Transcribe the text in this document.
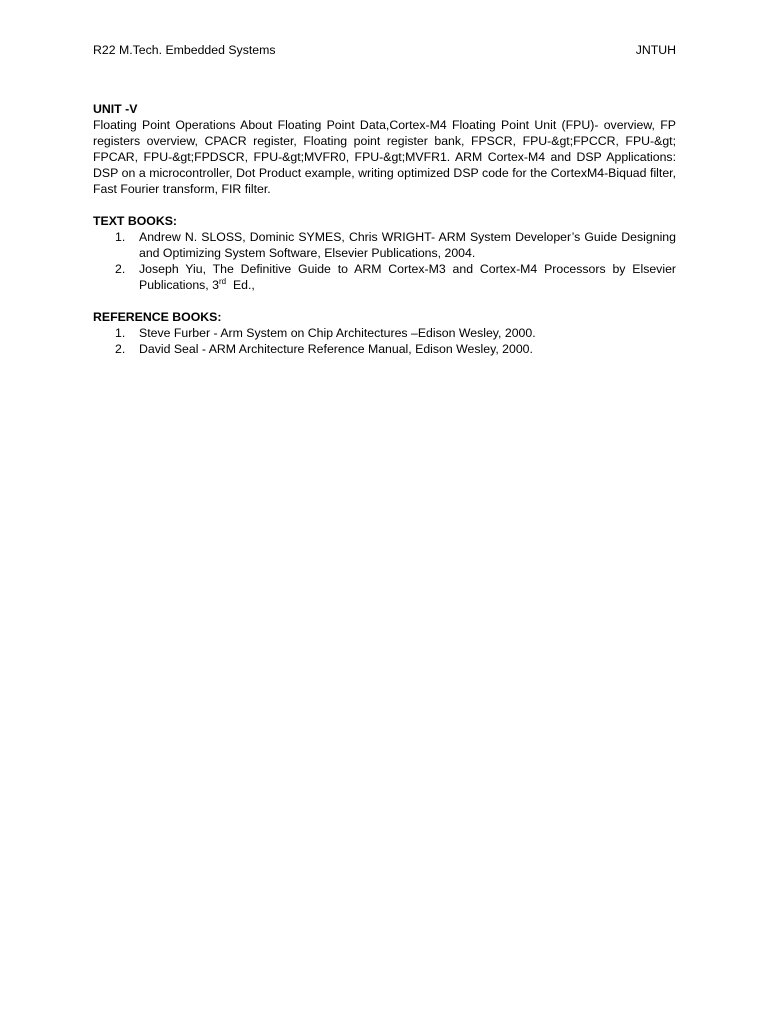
R22 M.Tech. Embedded Systems	JNTUH

UNIT -V

Floating Point Operations About Floating Point Data,Cortex-M4 Floating Point Unit (FPU)- overview, FP registers overview, CPACR register, Floating point register bank, FPSCR, FPU-&gt;FPCCR, FPU-&gt; FPCAR, FPU-&gt;FPDSCR, FPU-&gt;MVFR0, FPU-&gt;MVFR1. ARM Cortex-M4 and DSP Applications: DSP on a microcontroller, Dot Product example, writing optimized DSP code for the CortexM4-Biquad filter, Fast Fourier transform, FIR filter.

TEXT BOOKS:

1.	Andrew N. SLOSS, Dominic SYMES, Chris WRIGHT- ARM System Developer’s Guide Designing and Optimizing System Software, Elsevier Publications, 2004.
2.	Joseph Yiu, The Definitive Guide to ARM Cortex-M3 and Cortex-M4 Processors by Elsevier Publications, 3rd  Ed.,

REFERENCE BOOKS:

1.	Steve Furber - Arm System on Chip Architectures –Edison Wesley, 2000.
2.	David Seal - ARM Architecture Reference Manual, Edison Wesley, 2000.
